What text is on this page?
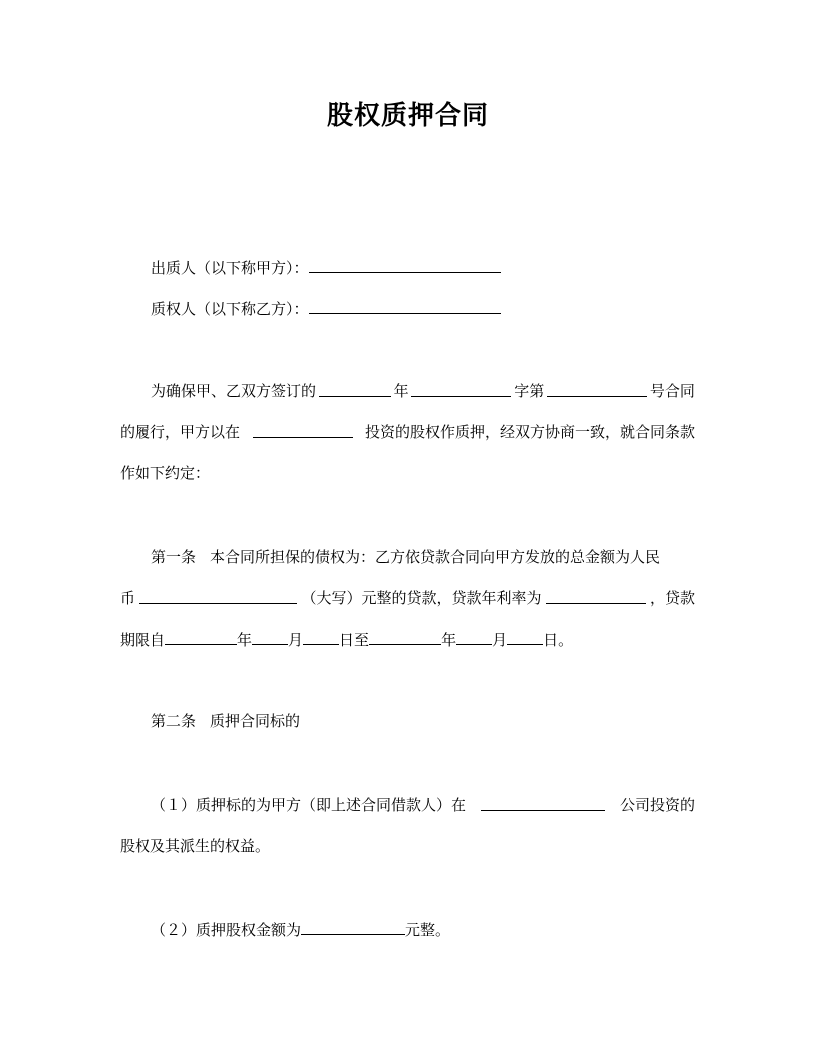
股权质押合同
出质人（以下称甲方）：
质权人（以下称乙方）：
为确保甲、乙双方签订的	年	字第	号合同
的履行，甲方以在	投资的股权作质押，经双方协商一致，就合同条款
作如下约定：
第一条 本合同所担保的债权为：乙方依贷款合同向甲方发放的总金额为人民
币	（大写）元整的贷款，贷款年利率为	，贷款
期限自	年 月 日至	年 月 日。
第二条 质押合同标的
（１）质押标的为甲方（即上述合同借款人）在	公司投资的
股权及其派生的权益。
（２）质押股权金额为	元整。
